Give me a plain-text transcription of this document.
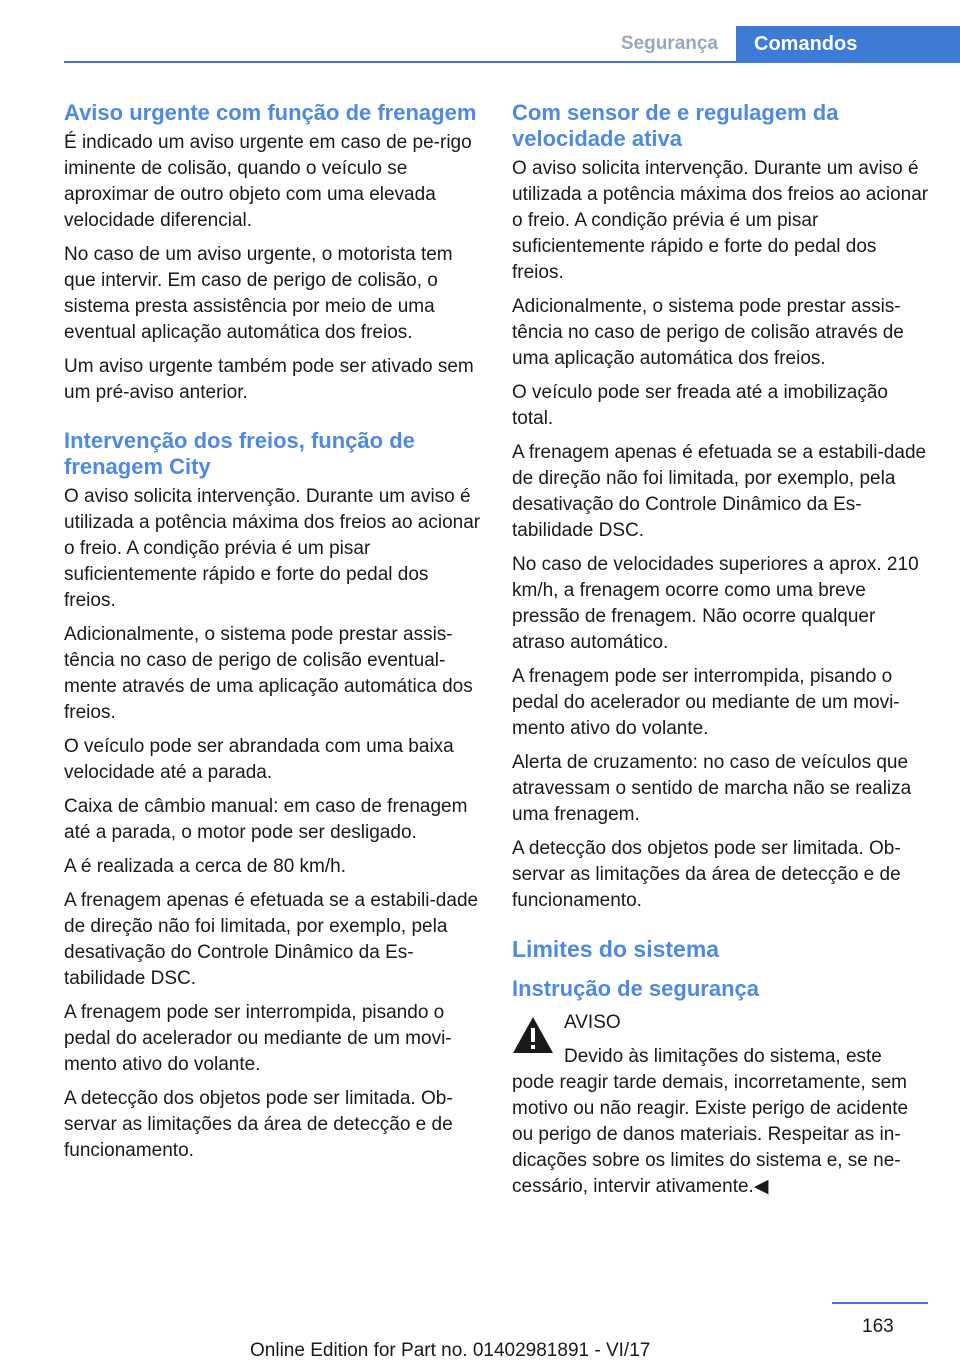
Segurança	Comandos
Aviso urgente com função de frenagem

É indicado um aviso urgente em caso de pe‐rigo iminente de colisão, quando o veículo se aproximar de outro objeto com uma elevada velocidade diferencial.

No caso de um aviso urgente, o motorista tem que intervir. Em caso de perigo de colisão, o sistema presta assistência por meio de uma eventual aplicação automática dos freios.

Um aviso urgente também pode ser ativado sem um pré-aviso anterior.

Intervenção dos freios, função de frenagem City

O aviso solicita intervenção. Durante um aviso é utilizada a potência máxima dos freios ao acionar o freio. A condição prévia é um pisar suficientemente rápido e forte do pedal dos freios.

Adicionalmente, o sistema pode prestar assis‐tência no caso de perigo de colisão eventual‐mente através de uma aplicação automática dos freios.

O veículo pode ser abrandada com uma baixa velocidade até a parada.

Caixa de câmbio manual: em caso de frenagem até a parada, o motor pode ser desligado.

A é realizada a cerca de 80 km/h.

A frenagem apenas é efetuada se a estabili‐dade de direção não foi limitada, por exemplo, pela desativação do Controle Dinâmico da Es‐tabilidade DSC.

A frenagem pode ser interrompida, pisando o pedal do acelerador ou mediante de um movi‐mento ativo do volante.

A detecção dos objetos pode ser limitada. Ob‐servar as limitações da área de detecção e de funcionamento.

Com sensor de e regulagem da velocidade ativa

O aviso solicita intervenção. Durante um aviso é utilizada a potência máxima dos freios ao acionar o freio. A condição prévia é um pisar suficientemente rápido e forte do pedal dos freios.

Adicionalmente, o sistema pode prestar assis‐tência no caso de perigo de colisão através de uma aplicação automática dos freios.

O veículo pode ser freada até a imobilização total.

A frenagem apenas é efetuada se a estabili‐dade de direção não foi limitada, por exemplo, pela desativação do Controle Dinâmico da Es‐tabilidade DSC.

No caso de velocidades superiores a aprox. 210 km/h, a frenagem ocorre como uma breve pressão de frenagem. Não ocorre qualquer atraso automático.

A frenagem pode ser interrompida, pisando o pedal do acelerador ou mediante de um movi‐mento ativo do volante.

Alerta de cruzamento: no caso de veículos que atravessam o sentido de marcha não se realiza uma frenagem.

A detecção dos objetos pode ser limitada. Ob‐servar as limitações da área de detecção e de funcionamento.

Limites do sistema
Instrução de segurança
AVISO

Devido às limitações do sistema, este
pode reagir tarde demais, incorretamente, sem motivo ou não reagir. Existe perigo de acidente ou perigo de danos materiais. Respeitar as in‐dicações sobre os limites do sistema e, se ne‐cessário, intervir ativamente.◀

163
Online Edition for Part no. 01402981891 - VI/17
